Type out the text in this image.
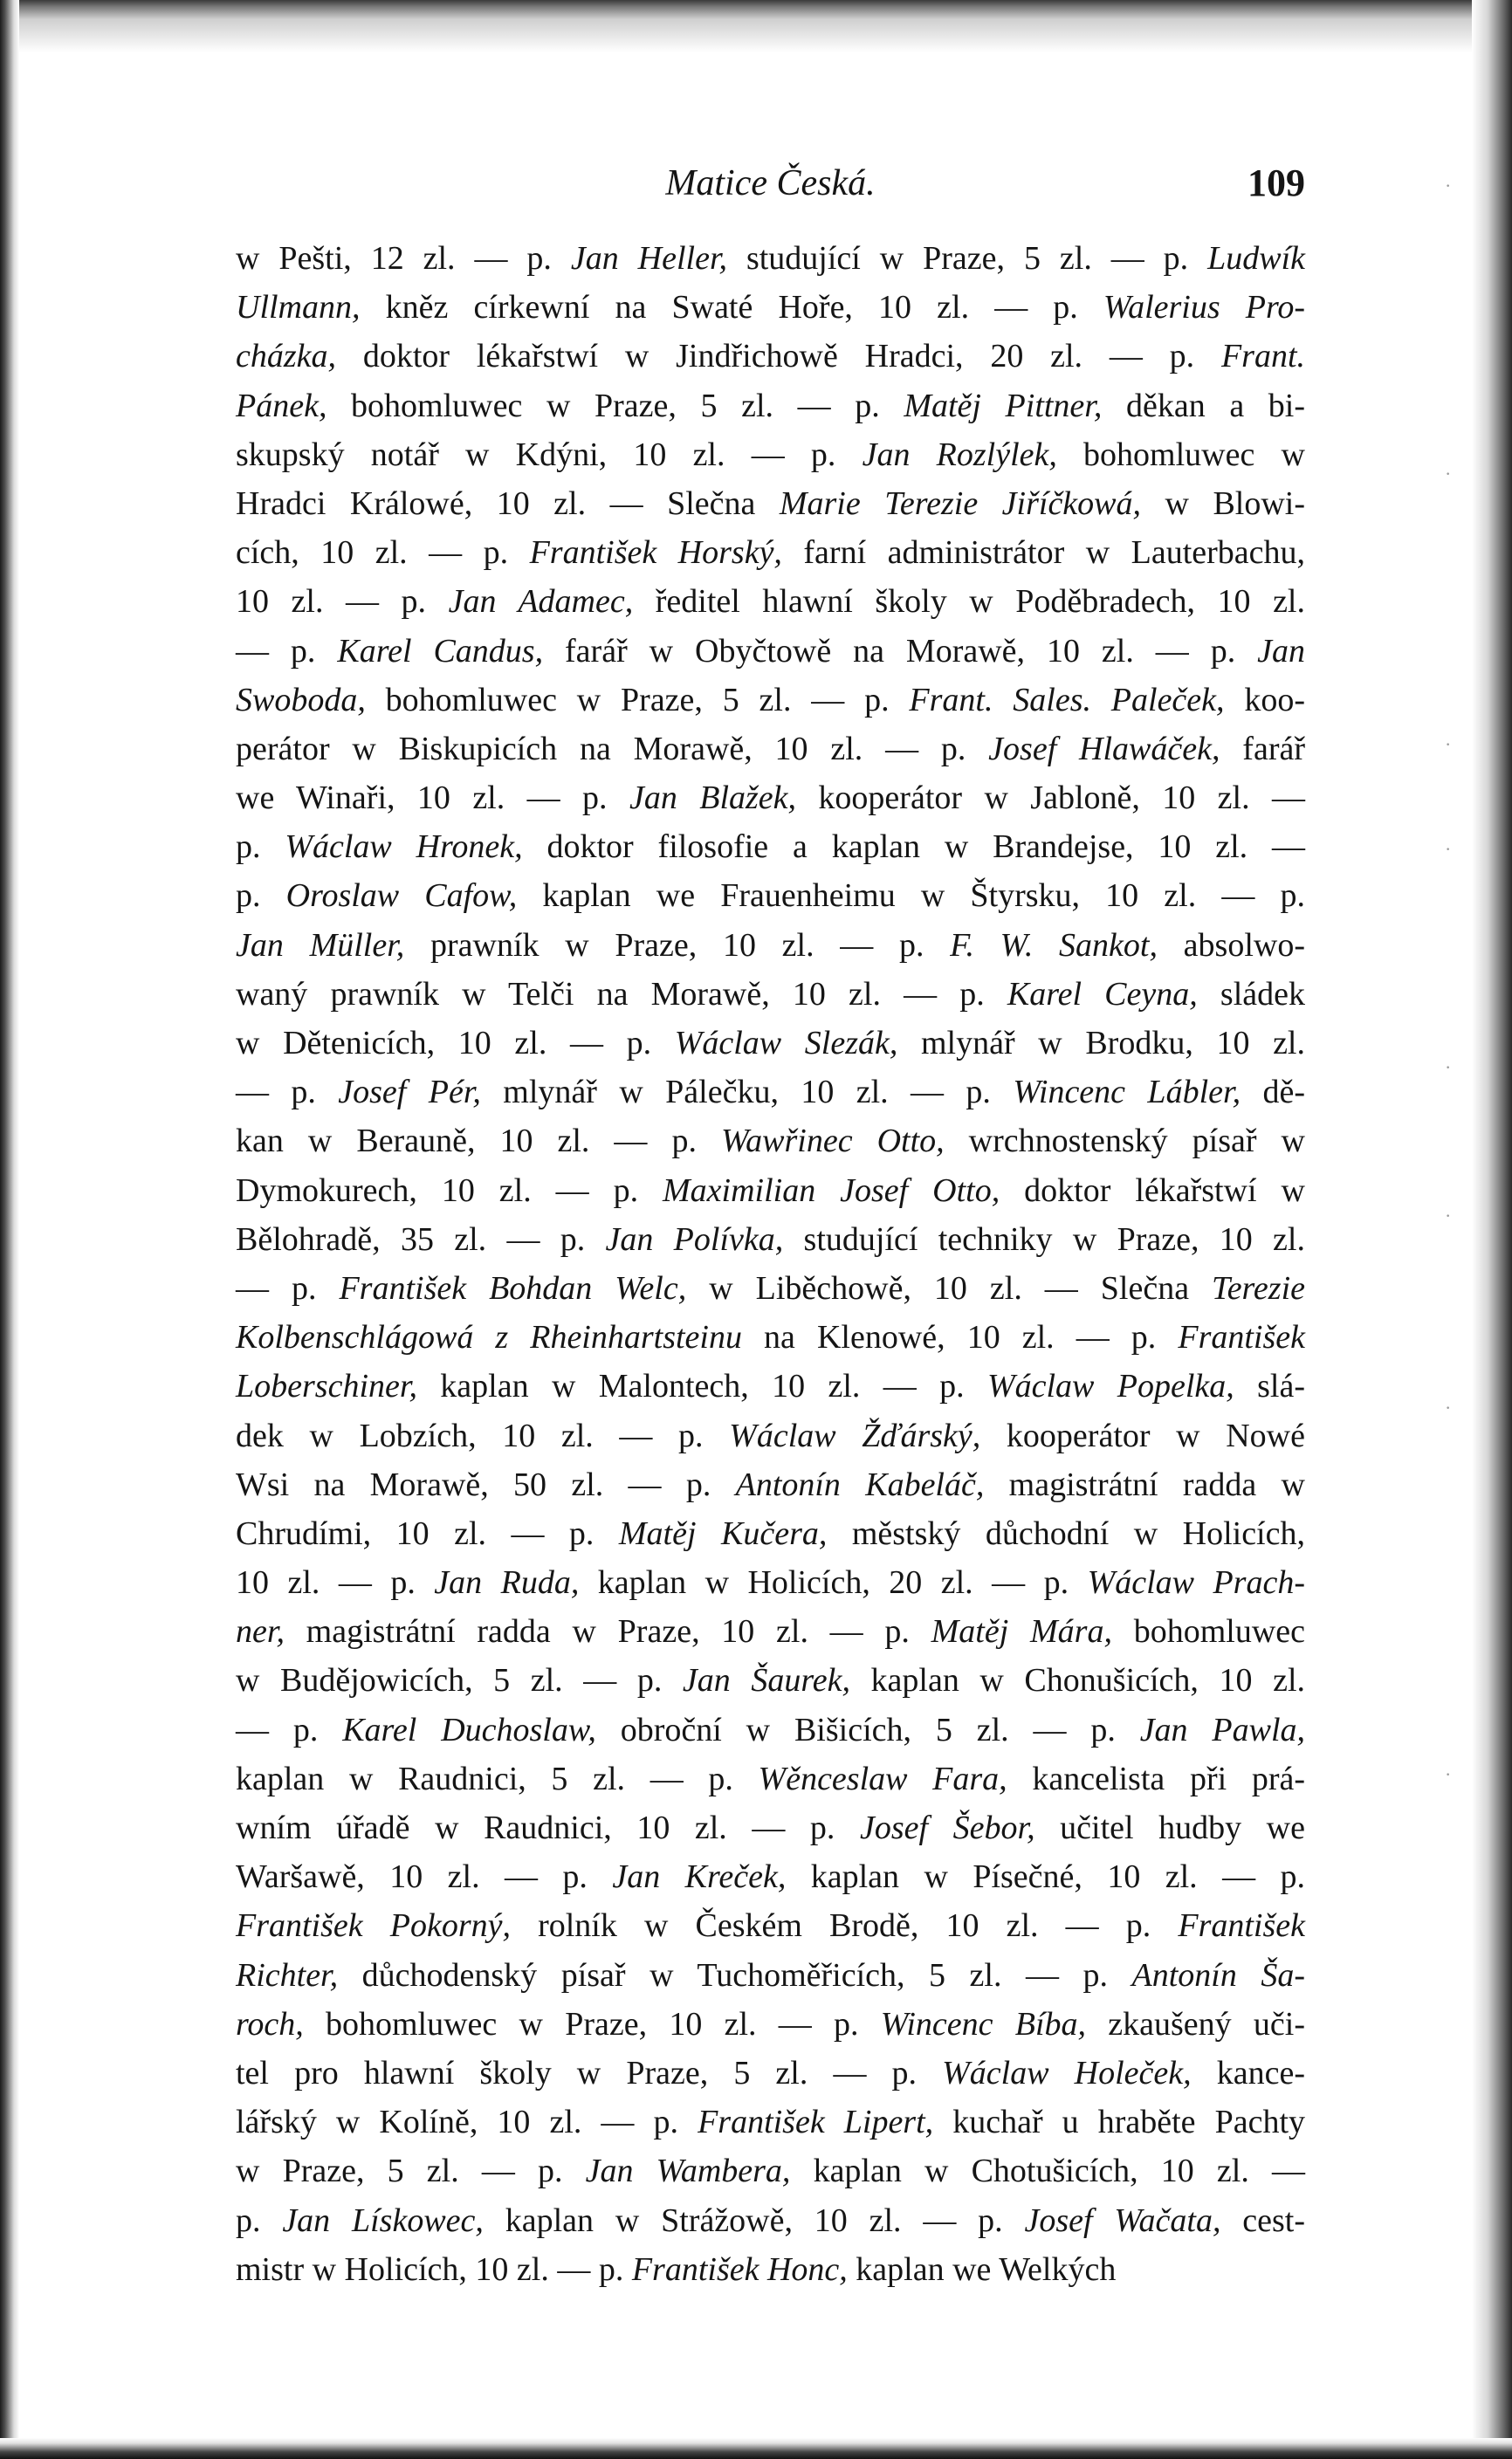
Matice Česká.	109
w Pešti, 12 zl. — p. Jan Heller, studující w Praze, 5 zl. — p. Ludwík
Ullmann, kněz církewní na Swaté Hoře, 10 zl. — p. Walerius Pro-
cházka, doktor lékařstwí w Jindřichowě Hradci, 20 zl. — p. Frant.
Pánek, bohomluwec w Praze, 5 zl. — p. Matěj Pittner, děkan a bi-
skupský notář w Kdýni, 10 zl. — p. Jan Rozlýlek, bohomluwec w
Hradci Králowé, 10 zl. — Slečna Marie Terezie Jiříčkowá, w Blowi-
cích, 10 zl. — p. František Horský, farní administrátor w Lauterbachu,
10 zl. — p. Jan Adamec, ředitel hlawní školy w Poděbradech, 10 zl.
— p. Karel Candus, farář w Obyčtowě na Morawě, 10 zl. — p. Jan
Swoboda, bohomluwec w Praze, 5 zl. — p. Frant. Sales. Paleček, koo-
perátor w Biskupicích na Morawě, 10 zl. — p. Josef Hlawáček, farář
we Winaři, 10 zl. — p. Jan Blažek, kooperátor w Jabloně, 10 zl. —
p. Wáclaw Hronek, doktor filosofie a kaplan w Brandejse, 10 zl. —
p. Oroslaw Cafow, kaplan we Frauenheimu w Štyrsku, 10 zl. — p.
Jan Müller, prawník w Praze, 10 zl. — p. F. W. Sankot, absolwo-
waný prawník w Telči na Morawě, 10 zl. — p. Karel Ceyna, sládek
w Dětenicích, 10 zl. — p. Wáclaw Slezák, mlynář w Brodku, 10 zl.
— p. Josef Pér, mlynář w Pálečku, 10 zl. — p. Wincenc Lábler, dě-
kan w Berauně, 10 zl. — p. Wawřinec Otto, wrchnostenský písař w
Dymokurech, 10 zl. — p. Maximilian Josef Otto, doktor lékařstwí w
Bělohradě, 35 zl. — p. Jan Polívka, studující techniky w Praze, 10 zl.
— p. František Bohdan Welc, w Liběchowě, 10 zl. — Slečna Terezie
Kolbenschlágowá z Rheinhartsteinu na Klenowé, 10 zl. — p. František
Loberschiner, kaplan w Malontech, 10 zl. — p. Wáclaw Popelka, slá-
dek w Lobzích, 10 zl. — p. Wáclaw Žďárský, kooperátor w Nowé
Wsi na Morawě, 50 zl. — p. Antonín Kabeláč, magistrátní radda w
Chrudími, 10 zl. — p. Matěj Kučera, městský důchodní w Holicích,
10 zl. — p. Jan Ruda, kaplan w Holicích, 20 zl. — p. Wáclaw Prach-
ner, magistrátní radda w Praze, 10 zl. — p. Matěj Mára, bohomluwec
w Budějowicích, 5 zl. — p. Jan Šaurek, kaplan w Chonušicích, 10 zl.
— p. Karel Duchoslaw, obroční w Bišicích, 5 zl. — p. Jan Pawla,
kaplan w Raudnici, 5 zl. — p. Wěnceslaw Fara, kancelista při prá-
wním úřadě w Raudnici, 10 zl. — p. Josef Šebor, učitel hudby we
Waršawě, 10 zl. — p. Jan Kreček, kaplan w Písečné, 10 zl. — p.
František Pokorný, rolník w Českém Brodě, 10 zl. — p. František
Richter, důchodenský písař w Tuchoměřicích, 5 zl. — p. Antonín Ša-
roch, bohomluwec w Praze, 10 zl. — p. Wincenc Bíba, zkaušený uči-
tel pro hlawní školy w Praze, 5 zl. — p. Wáclaw Holeček, kance-
lářský w Kolíně, 10 zl. — p. František Lipert, kuchař u hraběte Pachty
w Praze, 5 zl. — p. Jan Wambera, kaplan w Chotušicích, 10 zl. —
p. Jan Lískowec, kaplan w Strážowě, 10 zl. — p. Josef Wačata, cest-
mistr w Holicích, 10 zl. — p. František Honc, kaplan we Welkých
·
·
·
·
·
·
·
·
